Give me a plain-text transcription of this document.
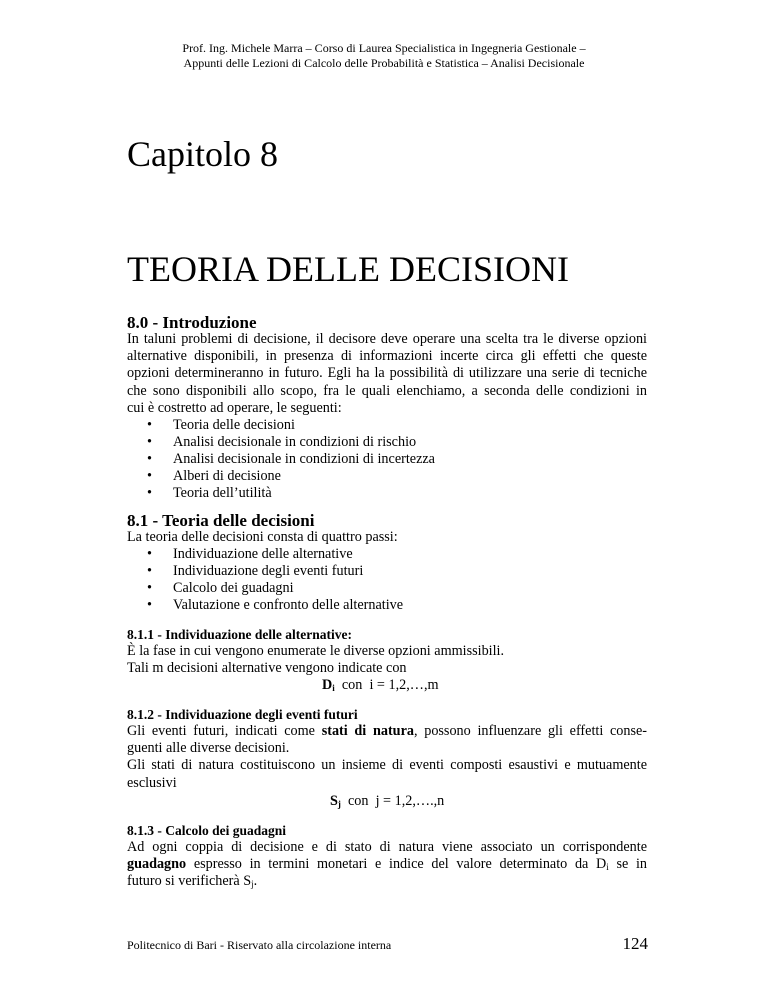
Prof. Ing. Michele Marra – Corso di Laurea Specialistica in Ingegneria Gestionale –
Appunti delle Lezioni di Calcolo delle Probabilità e Statistica – Analisi Decisionale
Capitolo 8
TEORIA DELLE DECISIONI
8.0 - Introduzione
In taluni problemi di decisione, il decisore deve operare una scelta tra le diverse opzioni
alternative disponibili, in presenza di informazioni incerte circa gli effetti che queste
opzioni determineranno in futuro. Egli ha la possibilità di utilizzare una serie di tecniche
che sono disponibili allo scopo, fra le quali elenchiamo, a seconda delle condizioni in
cui è costretto ad operare, le seguenti:
•	Teoria delle decisioni
•	Analisi decisionale in condizioni di rischio
•	Analisi decisionale in condizioni di incertezza
•	Alberi di decisione
•	Teoria dell’utilità
8.1 - Teoria delle decisioni
La teoria delle decisioni consta di quattro passi:
•	Individuazione delle alternative
•	Individuazione degli eventi futuri
•	Calcolo dei guadagni
•	Valutazione e confronto delle alternative
8.1.1 - Individuazione delle alternative:
È la fase in cui vengono enumerate le diverse opzioni ammissibili.
Tali m decisioni alternative vengono indicate con
$D_i$  con  i = 1,2,…,m
8.1.2 - Individuazione degli eventi futuri
Gli eventi futuri, indicati come stati di natura, possono influenzare gli effetti conse-
guenti alle diverse decisioni.
Gli stati di natura costituiscono un insieme di eventi composti esaustivi e mutuamente
esclusivi
$S_j$  con  j = 1,2,….,n
8.1.3 - Calcolo dei guadagni
Ad ogni coppia di decisione e di stato di natura viene associato un corrispondente
guadagno espresso in termini monetari e indice del valore determinato da $D_i$ se in
futuro si verificherà $S_j$.
Politecnico di Bari - Riservato alla circolazione interna	124
